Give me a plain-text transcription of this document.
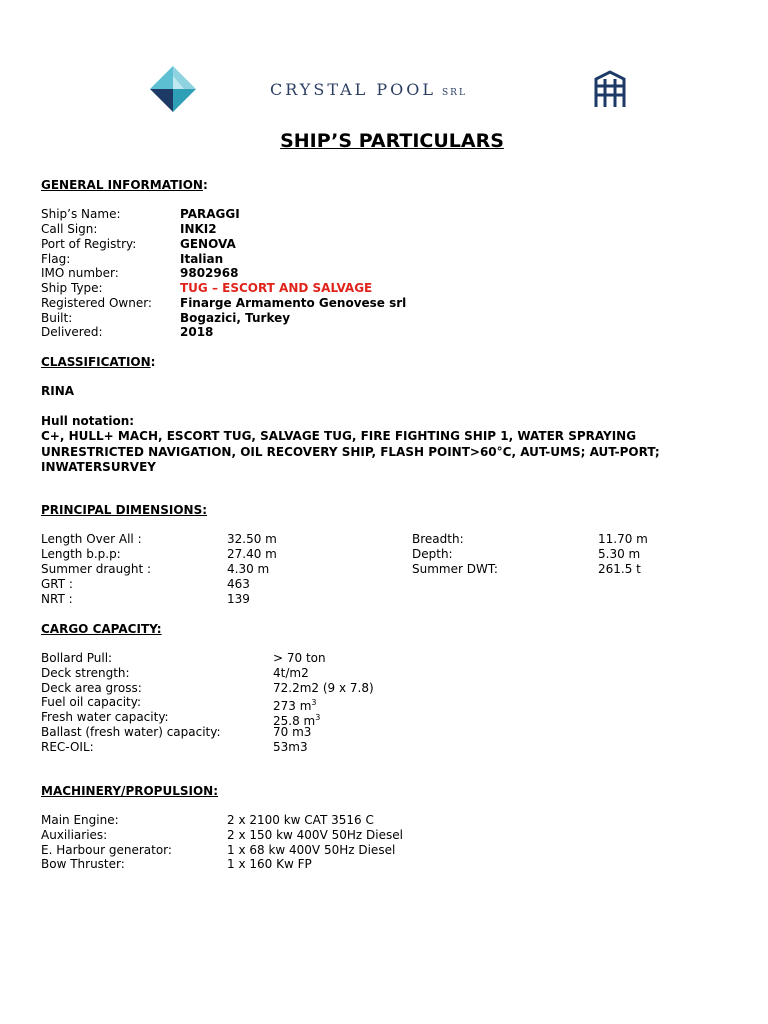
CRYSTAL POOL SRL
SHIP’S PARTICULARS
GENERAL INFORMATION:
Ship’s Name:	PARAGGI
Call Sign:	INKI2
Port of Registry:	GENOVA
Flag:	Italian
IMO number:	9802968
Ship Type:	TUG – ESCORT AND SALVAGE
Registered Owner: Finarge Armamento Genovese srl
Built:	Bogazici, Turkey
Delivered:	2018
CLASSIFICATION:
RINA
Hull notation:
C+, HULL+ MACH, ESCORT TUG, SALVAGE TUG, FIRE FIGHTING SHIP 1, WATER SPRAYING
UNRESTRICTED NAVIGATION, OIL RECOVERY SHIP, FLASH POINT>60°C, AUT-UMS; AUT-PORT;
INWATERSURVEY
PRINCIPAL DIMENSIONS:
Length Over All :	32.50 m	Breadth:	11.70 m
Length b.p.p:	27.40 m	Depth:	5.30 m
Summer draught :	4.30 m	Summer DWT:	261.5 t
GRT :	463
NRT :	139
CARGO CAPACITY:
Bollard Pull:	> 70 ton
Deck strength:	4t/m2
Deck area gross:	72.2m2 (9 x 7.8)
Fuel oil capacity:	273 $m^3$
Fresh water capacity:	25.8 $m^3$
Ballast (fresh water) capacity:	70 m3
REC-OIL:	53m3
MACHINERY/PROPULSION:
Main Engine:	2 x 2100 kw CAT 3516 C
Auxiliaries:	2 x 150 kw 400V 50Hz Diesel
E. Harbour generator:	1 x 68 kw 400V 50Hz Diesel
Bow Thruster:	1 x 160 Kw FP
